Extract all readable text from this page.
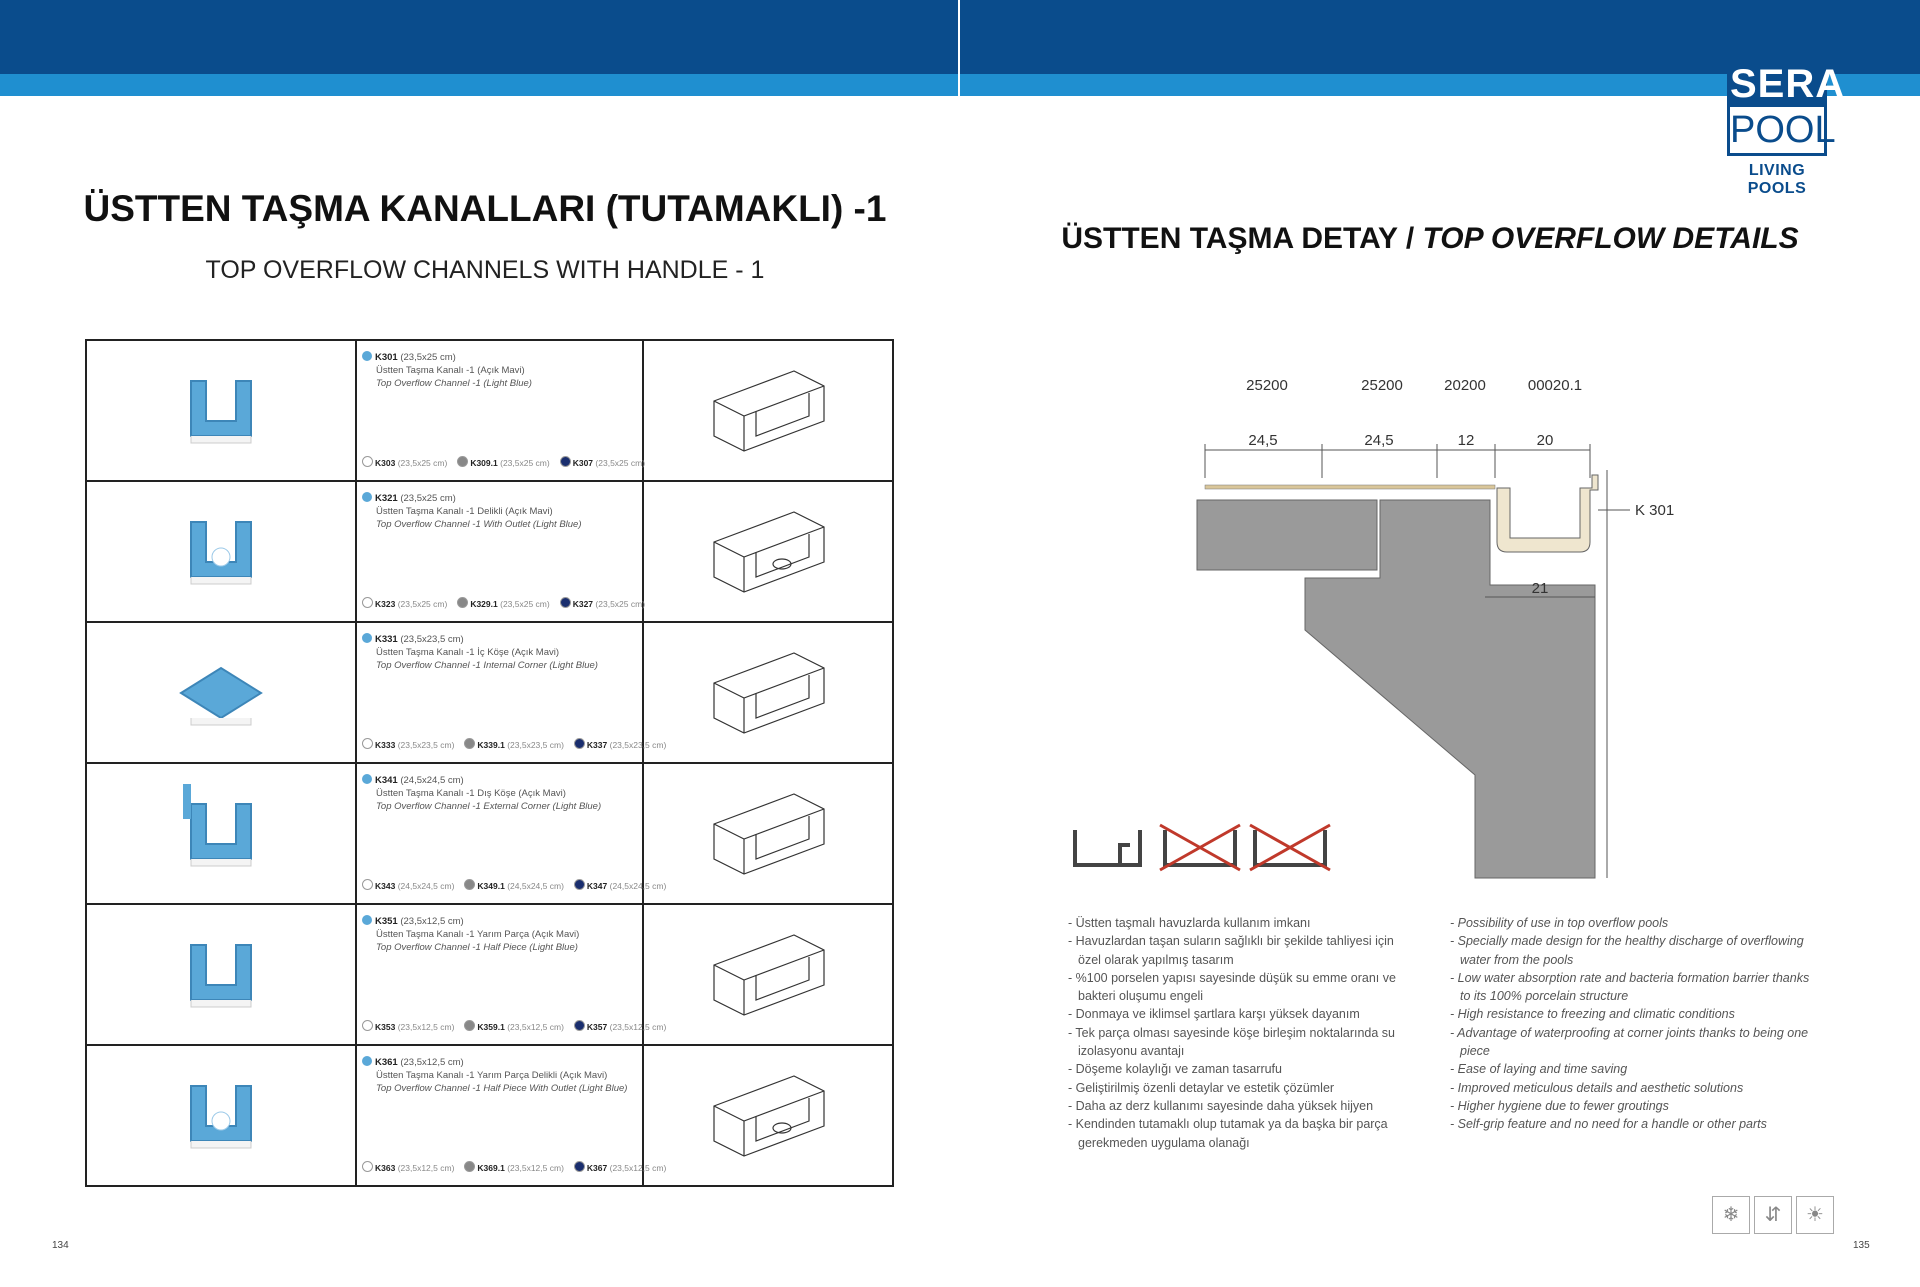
SERA
POOL
LIVING POOLS
ÜSTTEN TAŞMA KANALLARI (TUTAMAKLI) -1
TOP OVERFLOW CHANNELS WITH HANDLE - 1
ÜSTTEN TAŞMA DETAY / TOP OVERFLOW DETAILS

K301 (23,5x25 cm)
Üstten Taşma Kanalı -1 (Açık Mavi)
Top Overflow Channel -1 (Light Blue)
K303 (23,5x25 cm) K309.1 (23,5x25 cm) K307 (23,5x25 cm)

K321 (23,5x25 cm)
Üstten Taşma Kanalı -1 Delikli (Açık Mavi)
Top Overflow Channel -1 With Outlet (Light Blue)
K323 (23,5x25 cm) K329.1 (23,5x25 cm) K327 (23,5x25 cm)

K331 (23,5x23,5 cm)
Üstten Taşma Kanalı -1 İç Köşe (Açık Mavi)
Top Overflow Channel -1 Internal Corner (Light Blue)
K333 (23,5x23,5 cm) K339.1 (23,5x23,5 cm) K337 (23,5x23,5 cm)

K341 (24,5x24,5 cm)
Üstten Taşma Kanalı -1 Dış Köşe (Açık Mavi)
Top Overflow Channel -1 External Corner (Light Blue)
K343 (24,5x24,5 cm) K349.1 (24,5x24,5 cm) K347 (24,5x24,5 cm)

K351 (23,5x12,5 cm)
Üstten Taşma Kanalı -1 Yarım Parça (Açık Mavi)
Top Overflow Channel -1 Half Piece (Light Blue)
K353 (23,5x12,5 cm) K359.1 (23,5x12,5 cm) K357 (23,5x12,5 cm)

K361 (23,5x12,5 cm)
Üstten Taşma Kanalı -1 Yarım Parça Delikli (Açık Mavi)
Top Overflow Channel -1 Half Piece With Outlet (Light Blue)
K363 (23,5x12,5 cm) K369.1 (23,5x12,5 cm) K367 (23,5x12,5 cm)

25200	25200	20200	00020.1
24,5	24,5	12	20
K 301
21
- Üstten taşmalı havuzlarda kullanım imkanı
- Havuzlardan taşan suların sağlıklı bir şekilde tahliyesi için özel olarak yapılmış tasarım
- %100 porselen yapısı sayesinde düşük su emme oranı ve bakteri oluşumu engeli
- Donmaya ve iklimsel şartlara karşı yüksek dayanım
- Tek parça olması sayesinde köşe birleşim noktalarında su izolasyonu avantajı
- Döşeme kolaylığı ve zaman tasarrufu
- Geliştirilmiş özenli detaylar ve estetik çözümler
- Daha az derz kullanımı sayesinde daha yüksek hijyen
- Kendinden tutamaklı olup tutamak ya da başka bir parça gerekmeden uygulama olanağı
- Possibility of use in top overflow pools
- Specially made design for the healthy discharge of overflowing water from the pools
- Low water absorption rate and bacteria formation barrier thanks to its 100% porcelain structure
- High resistance to freezing and climatic conditions
- Advantage of waterproofing at corner joints thanks to being one piece
- Ease of laying and time saving
- Improved meticulous details and aesthetic solutions
- Higher hygiene due to fewer groutings
- Self-grip feature and no need for a handle or other parts
❄ ⇵ ☀
134	135
